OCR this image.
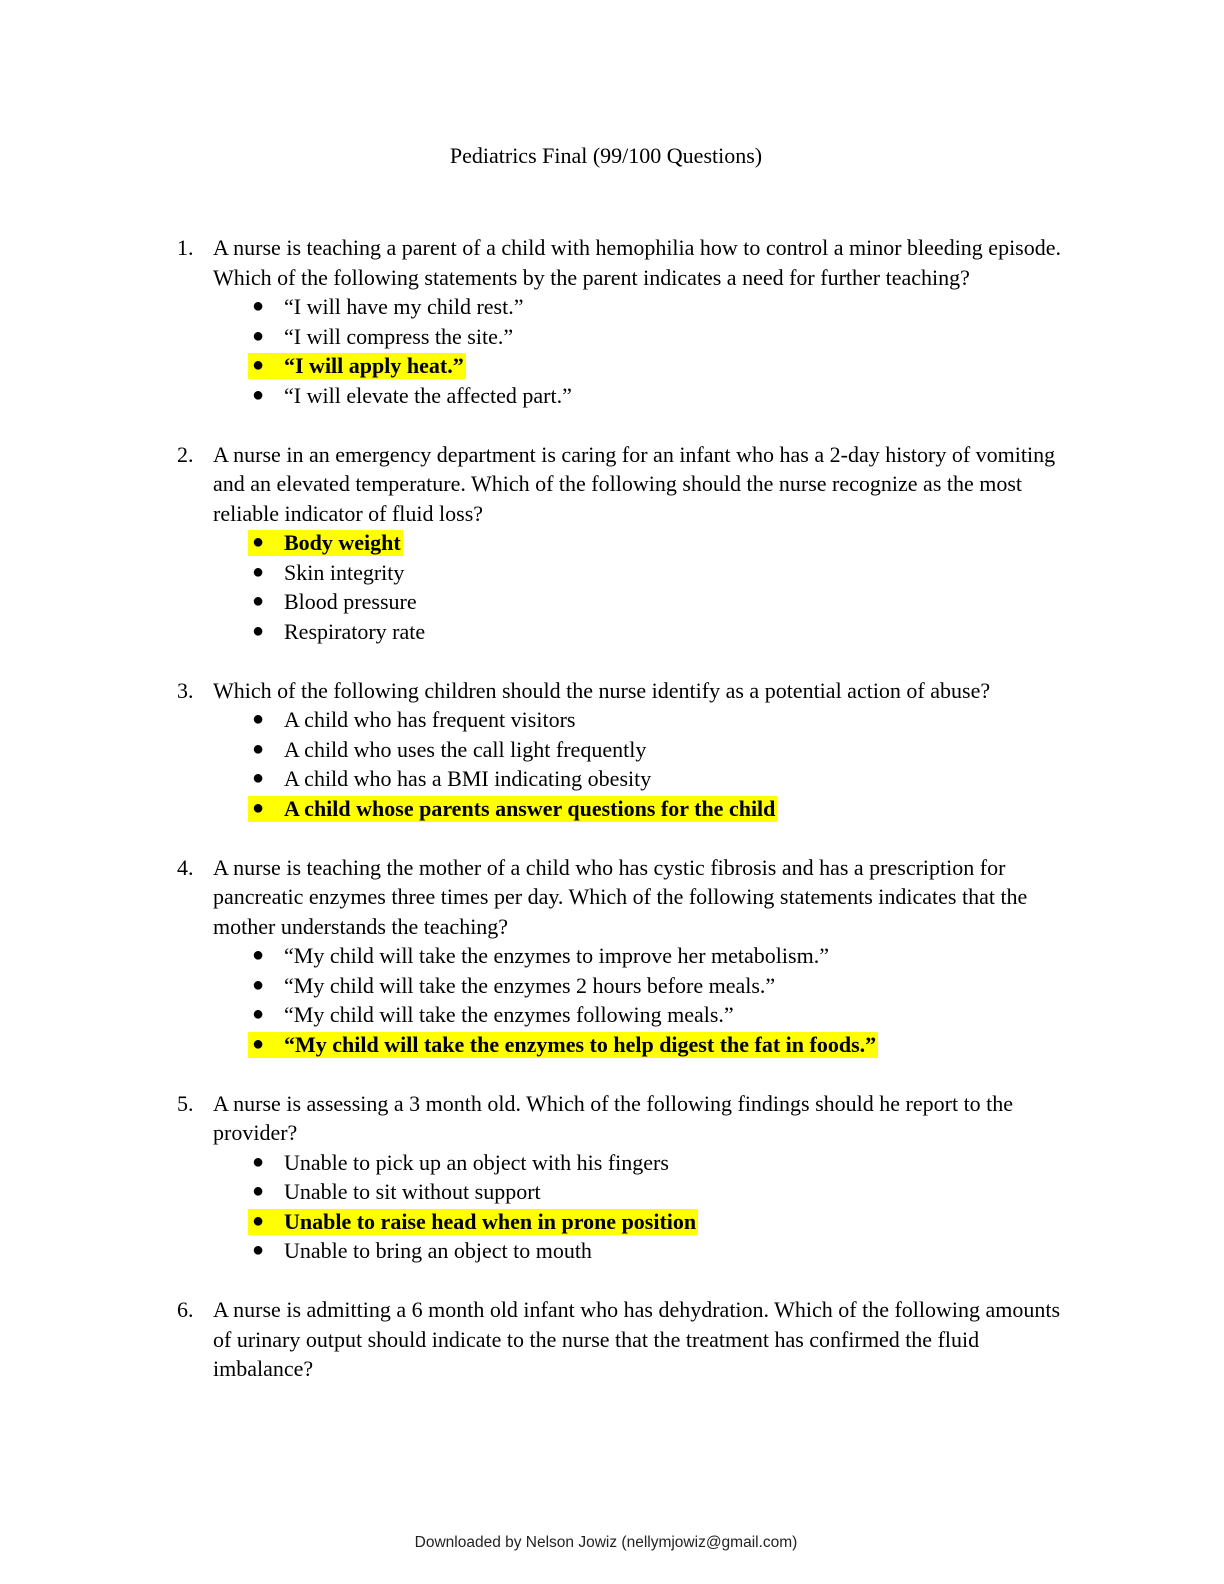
Pediatrics Final (99/100 Questions)
1. A nurse is teaching a parent of a child with hemophilia how to control a minor bleeding episode. Which of the following statements by the parent indicates a need for further teaching?
● “I will have my child rest.”
● “I will compress the site.”
● “I will apply heat.”
● “I will elevate the affected part.”
2. A nurse in an emergency department is caring for an infant who has a 2-day history of vomiting and an elevated temperature. Which of the following should the nurse recognize as the most reliable indicator of fluid loss?
● Body weight
● Skin integrity
● Blood pressure
● Respiratory rate
3. Which of the following children should the nurse identify as a potential action of abuse?
● A child who has frequent visitors
● A child who uses the call light frequently
● A child who has a BMI indicating obesity
● A child whose parents answer questions for the child
4. A nurse is teaching the mother of a child who has cystic fibrosis and has a prescription for pancreatic enzymes three times per day. Which of the following statements indicates that the mother understands the teaching?
● “My child will take the enzymes to improve her metabolism.”
● “My child will take the enzymes 2 hours before meals.”
● “My child will take the enzymes following meals.”
● “My child will take the enzymes to help digest the fat in foods.”
5. A nurse is assessing a 3 month old. Which of the following findings should he report to the provider?
● Unable to pick up an object with his fingers
● Unable to sit without support
● Unable to raise head when in prone position
● Unable to bring an object to mouth
6. A nurse is admitting a 6 month old infant who has dehydration. Which of the following amounts of urinary output should indicate to the nurse that the treatment has confirmed the fluid imbalance?
Downloaded by Nelson Jowiz (nellymjowiz@gmail.com)
